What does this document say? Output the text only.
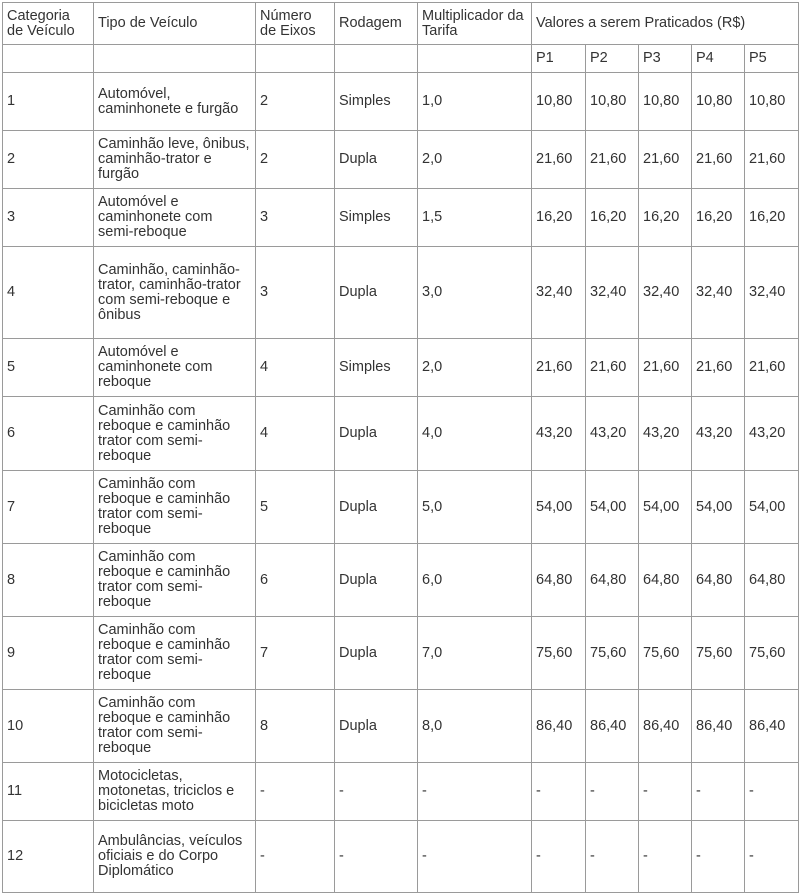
Categoria de Veículo	Tipo de Veículo	Número de Eixos	Rodagem	Multiplicador da Tarifa	Valores a serem Praticados (R$)				
					P1	P2	P3	P4	P5
1	Automóvel, caminhonete e furgão	2	Simples	1,0	10,80	10,80	10,80	10,80	10,80
2	Caminhão leve, ônibus, caminhão-trator e furgão	2	Dupla	2,0	21,60	21,60	21,60	21,60	21,60
3	Automóvel e caminhonete com semi-reboque	3	Simples	1,5	16,20	16,20	16,20	16,20	16,20
4	Caminhão, caminhão-trator, caminhão-trator com semi-reboque e ônibus	3	Dupla	3,0	32,40	32,40	32,40	32,40	32,40
5	Automóvel e caminhonete com reboque	4	Simples	2,0	21,60	21,60	21,60	21,60	21,60
6	Caminhão com reboque e caminhão trator com semi-reboque	4	Dupla	4,0	43,20	43,20	43,20	43,20	43,20
7	Caminhão com reboque e caminhão trator com semi-reboque	5	Dupla	5,0	54,00	54,00	54,00	54,00	54,00
8	Caminhão com reboque e caminhão trator com semi-reboque	6	Dupla	6,0	64,80	64,80	64,80	64,80	64,80
9	Caminhão com reboque e caminhão trator com semi-reboque	7	Dupla	7,0	75,60	75,60	75,60	75,60	75,60
10	Caminhão com reboque e caminhão trator com semi-reboque	8	Dupla	8,0	86,40	86,40	86,40	86,40	86,40
11	Motocicletas, motonetas, triciclos e bicicletas moto	-	-	-	-	-	-	-	-
12	Ambulâncias, veículos oficiais e do Corpo Diplomático	-	-	-	-	-	-	-	-
